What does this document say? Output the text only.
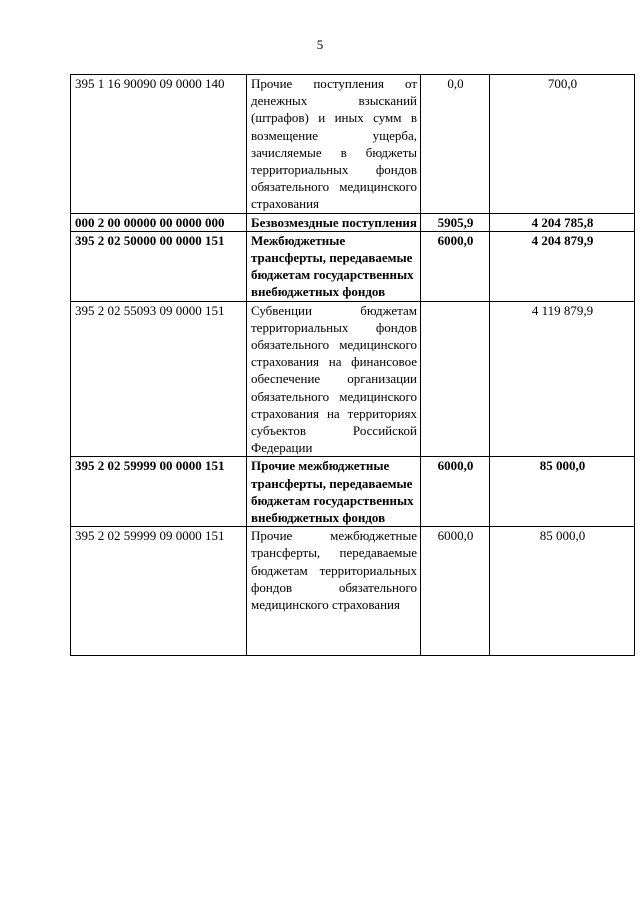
5
395 1 16 90090 09 0000 140	Прочие поступления от денежных взысканий (штрафов) и иных сумм в возмещение ущерба, зачисляемые в бюджеты территориальных фондов обязательного медицинского страхования	0,0	700,0
000 2 00 00000 00 0000 000	Безвозмездные поступления	5905,9	4 204 785,8
395 2 02 50000 00 0000 151	Межбюджетные трансферты, передаваемые бюджетам государственных внебюджетных фондов	6000,0	4 204 879,9
395 2 02 55093 09 0000 151	Субвенции бюджетам территориальных фондов обязательного медицинского страхования на финансовое обеспечение организации обязательного медицинского страхования на территориях субъектов Российской Федерации		4 119 879,9
395 2 02 59999 00 0000 151	Прочие межбюджетные трансферты, передаваемые бюджетам государственных внебюджетных фондов	6000,0	85 000,0
395 2 02 59999 09 0000 151	Прочие межбюджетные трансферты, передаваемые бюджетам территориальных фондов обязательного медицинского страхования	6000,0	85 000,0
